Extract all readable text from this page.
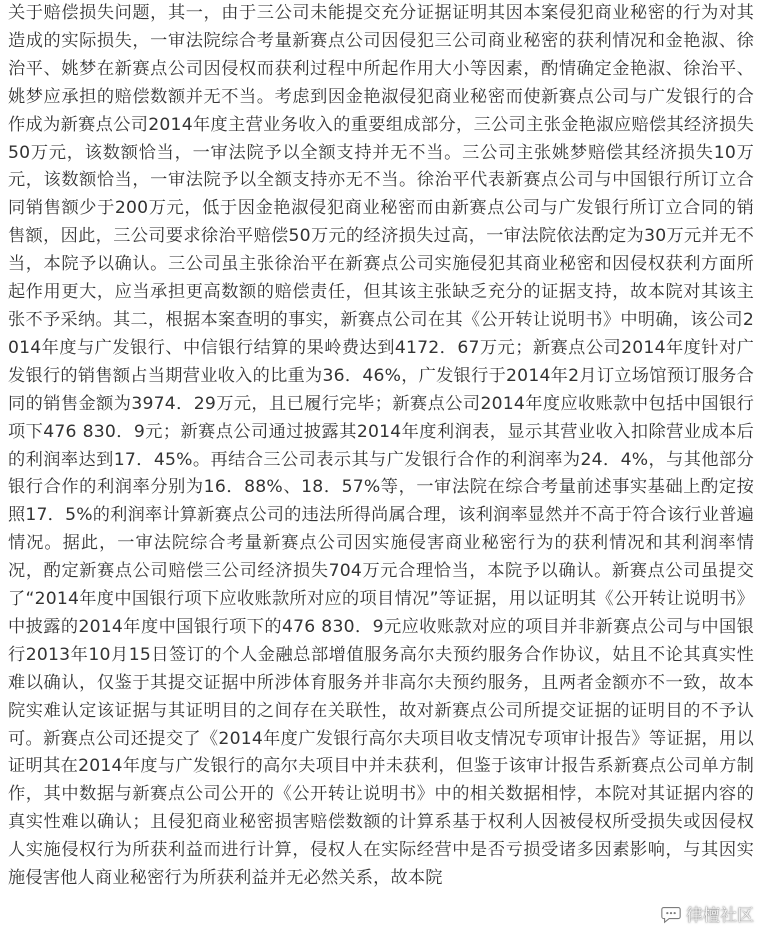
关于赔偿损失问题，其一，由于三公司未能提交充分证据证明其因本案侵犯商业秘密的行为对其造成的实际损失，一审法院综合考量新赛点公司因侵犯三公司商业秘密的获利情况和金艳淑、徐治平、姚梦在新赛点公司因侵权而获利过程中所起作用大小等因素，酌情确定金艳淑、徐治平、姚梦应承担的赔偿数额并无不当。考虑到因金艳淑侵犯商业秘密而使新赛点公司与广发银行的合作成为新赛点公司2014年度主营业务收入的重要组成部分，三公司主张金艳淑应赔偿其经济损失50万元，该数额恰当，一审法院予以全额支持并无不当。三公司主张姚梦赔偿其经济损失10万元，该数额恰当，一审法院予以全额支持亦无不当。徐治平代表新赛点公司与中国银行所订立合同销售额少于200万元，低于因金艳淑侵犯商业秘密而由新赛点公司与广发银行所订立合同的销售额，因此，三公司要求徐治平赔偿50万元的经济损失过高，一审法院依法酌定为30万元并无不当，本院予以确认。三公司虽主张徐治平在新赛点公司实施侵犯其商业秘密和因侵权获利方面所起作用更大，应当承担更高数额的赔偿责任，但其该主张缺乏充分的证据支持，故本院对其该主张不予采纳。其二，根据本案查明的事实，新赛点公司在其《公开转让说明书》中明确，该公司2014年度与广发银行、中信银行结算的果岭费达到4172．67万元；新赛点公司2014年度针对广发银行的销售额占当期营业收入的比重为36．46%，广发银行于2014年2月订立场馆预订服务合同的销售金额为3974．29万元，且已履行完毕；新赛点公司2014年度应收账款中包括中国银行项下476 830．9元；新赛点公司通过披露其2014年度利润表，显示其营业收入扣除营业成本后的利润率达到17．45%。再结合三公司表示其与广发银行合作的利润率为24．4%，与其他部分银行合作的利润率分别为16．88%、18．57%等，一审法院在综合考量前述事实基础上酌定按照17．5%的利润率计算新赛点公司的违法所得尚属合理，该利润率显然并不高于符合该行业普遍情况。据此，一审法院综合考量新赛点公司因实施侵害商业秘密行为的获利情况和其利润率情况，酌定新赛点公司赔偿三公司经济损失704万元合理恰当，本院予以确认。新赛点公司虽提交了“2014年度中国银行项下应收账款所对应的项目情况”等证据，用以证明其《公开转让说明书》中披露的2014年度中国银行项下的476 830．9元应收账款对应的项目并非新赛点公司与中国银行2013年10月15日签订的个人金融总部增值服务高尔夫预约服务合作协议，姑且不论其真实性难以确认，仅鉴于其提交证据中所涉体育服务并非高尔夫预约服务，且两者金额亦不一致，故本院实难认定该证据与其证明目的之间存在关联性，故对新赛点公司所提交证据的证明目的不予认可。新赛点公司还提交了《2014年度广发银行高尔夫项目收支情况专项审计报告》等证据，用以证明其在2014年度与广发银行的高尔夫项目中并未获利，但鉴于该审计报告系新赛点公司单方制作，其中数据与新赛点公司公开的《公开转让说明书》中的相关数据相悖，本院对其证据内容的真实性难以确认；且侵犯商业秘密损害赔偿数额的计算系基于权利人因被侵权所受损失或因侵权人实施侵权行为所获利益而进行计算，侵权人在实际经营中是否亏损受诸多因素影响，与其因实施侵害他人商业秘密行为所获利益并无必然关系，故本院

律檀社区
